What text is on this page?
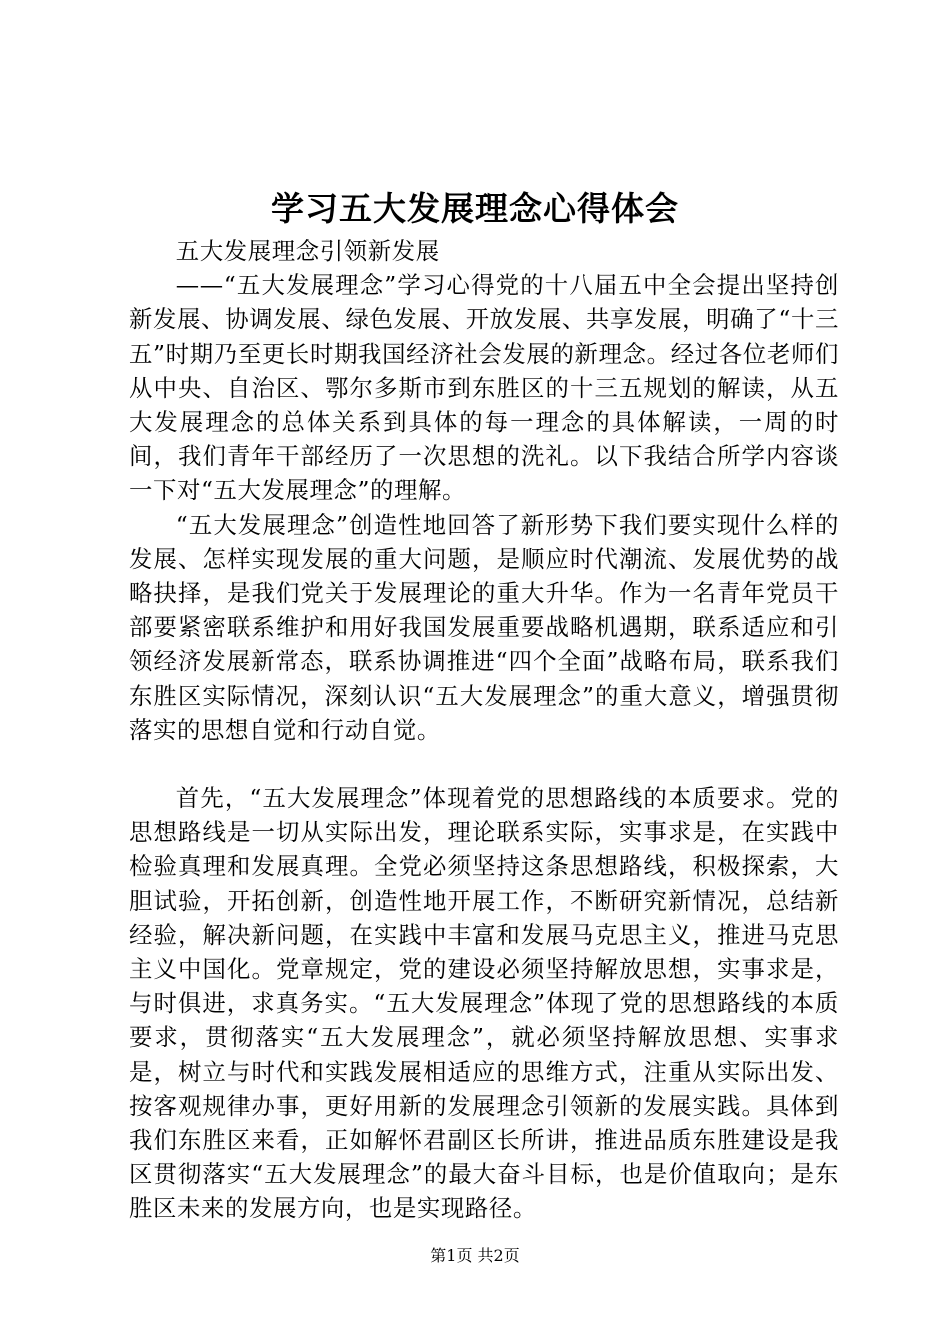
学习五大发展理念心得体会

五大发展理念引领新发展

——“五大发展理念”学习心得党的十八届五中全会提出坚持创新发展、协调发展、绿色发展、开放发展、共享发展，明确了“十三五”时期乃至更长时期我国经济社会发展的新理念。经过各位老师们从中央、自治区、鄂尔多斯市到东胜区的十三五规划的解读，从五大发展理念的总体关系到具体的每一理念的具体解读，一周的时间，我们青年干部经历了一次思想的洗礼。以下我结合所学内容谈一下对“五大发展理念”的理解。

“五大发展理念”创造性地回答了新形势下我们要实现什么样的发展、怎样实现发展的重大问题，是顺应时代潮流、发展优势的战略抉择，是我们党关于发展理论的重大升华。作为一名青年党员干部要紧密联系维护和用好我国发展重要战略机遇期，联系适应和引领经济发展新常态，联系协调推进“四个全面”战略布局，联系我们东胜区实际情况，深刻认识“五大发展理念”的重大意义，增强贯彻落实的思想自觉和行动自觉。

首先，“五大发展理念”体现着党的思想路线的本质要求。党的思想路线是一切从实际出发，理论联系实际，实事求是，在实践中检验真理和发展真理。全党必须坚持这条思想路线，积极探索，大胆试验，开拓创新，创造性地开展工作，不断研究新情况，总结新经验，解决新问题，在实践中丰富和发展马克思主义，推进马克思主义中国化。党章规定，党的建设必须坚持解放思想，实事求是，与时俱进，求真务实。“五大发展理念”体现了党的思想路线的本质要求，贯彻落实“五大发展理念”，就必须坚持解放思想、实事求是，树立与时代和实践发展相适应的思维方式，注重从实际出发、按客观规律办事，更好用新的发展理念引领新的发展实践。具体到我们东胜区来看，正如解怀君副区长所讲，推进品质东胜建设是我区贯彻落实“五大发展理念”的最大奋斗目标，也是价值取向；是东胜区未来的发展方向，也是实现路径。

第1页 共2页
